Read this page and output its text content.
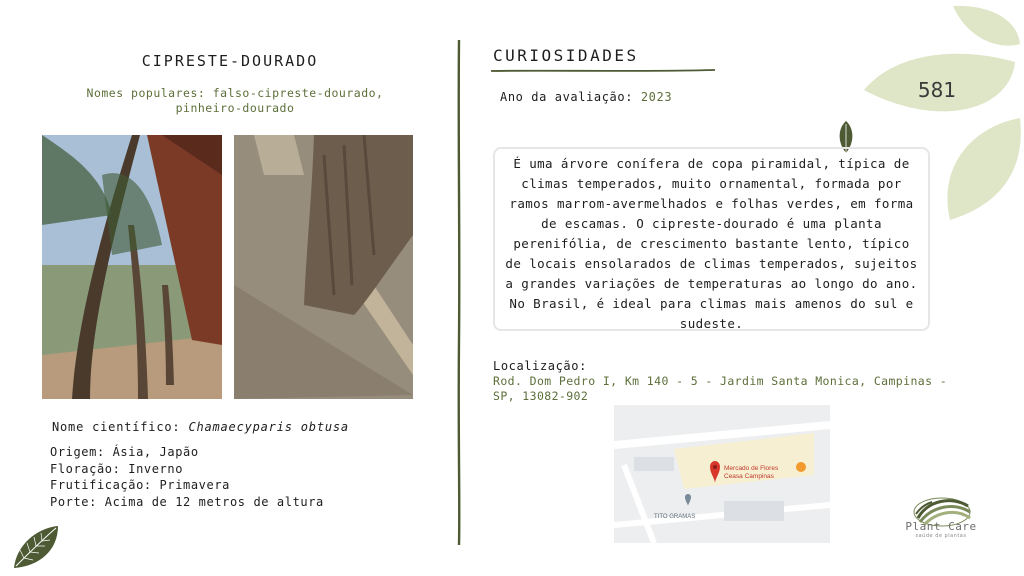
581
CIPRESTE-DOURADO
Nomes populares: falso-cipreste-dourado, pinheiro-dourado
Nome científico: Chamaecyparis obtusa
Origem: Ásia, Japão
Floração: Inverno
Frutificação: Primavera
Porte: Acima de 12 metros de altura
CURIOSIDADES
Ano da avaliação: 2023
É uma árvore conífera de copa piramidal, típica de climas temperados, muito ornamental, formada por ramos marrom-avermelhados e folhas verdes, em forma de escamas. O cipreste-dourado é uma planta perenifólia, de crescimento bastante lento, típico de locais ensolarados de climas temperados, sujeitos a grandes variações de temperaturas ao longo do ano. No Brasil, é ideal para climas mais amenos do sul e sudeste.
Localização:
Rod. Dom Pedro I, Km 140 - 5 - Jardim Santa Monica, Campinas - SP, 13082-902
Mercado de Flores
Ceasa Campinas
TITO GRAMAS
Plant Care
saúde de plantas
